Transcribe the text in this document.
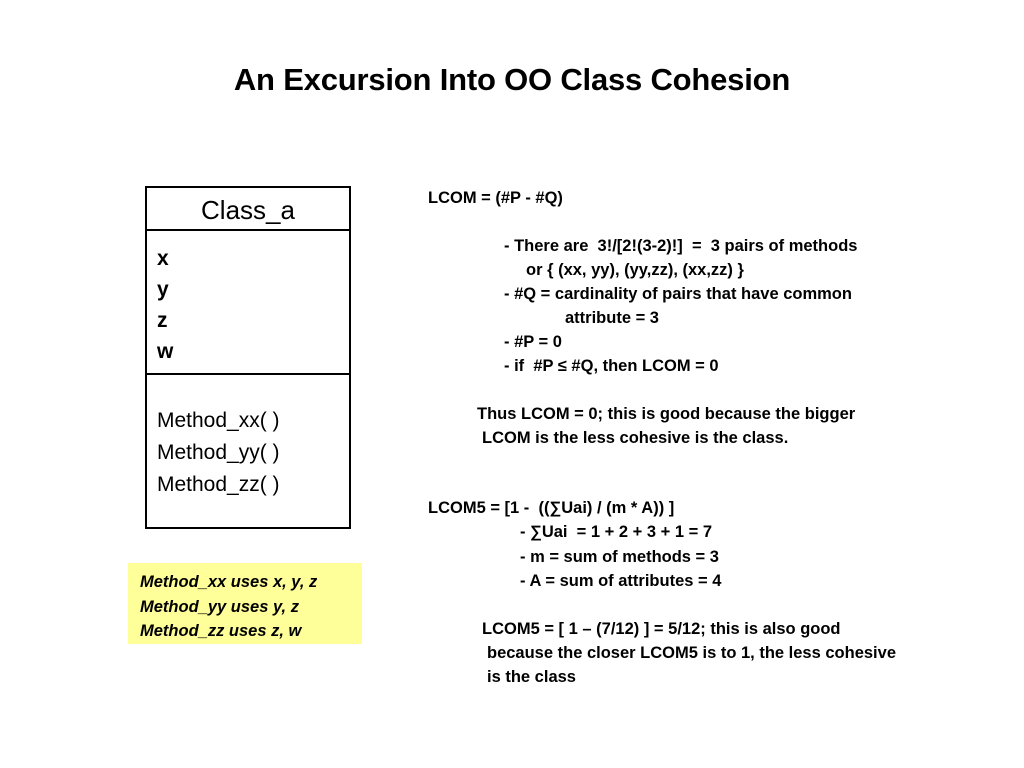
An Excursion Into OO Class Cohesion
Class_a
x
y
z
w
Method_xx( )
Method_yy( )
Method_zz( )
Method_xx uses x, y, z
Method_yy uses y, z
Method_zz uses z, w
LCOM = (#P - #Q)
- There are  3!/[2!(3-2)!]  =  3 pairs of methods
or { (xx, yy), (yy,zz), (xx,zz) }
- #Q = cardinality of pairs that have common
attribute = 3
- #P = 0
- if  #P ≤ #Q, then LCOM = 0
Thus LCOM = 0; this is good because the bigger
LCOM is the less cohesive is the class.
LCOM5 = [1 -  ((∑Uai) / (m * A)) ]
- ∑Uai  = 1 + 2 + 3 + 1 = 7
- m = sum of methods = 3
- A = sum of attributes = 4
LCOM5 = [ 1 – (7/12) ] = 5/12; this is also good
because the closer LCOM5 is to 1, the less cohesive
is the class
